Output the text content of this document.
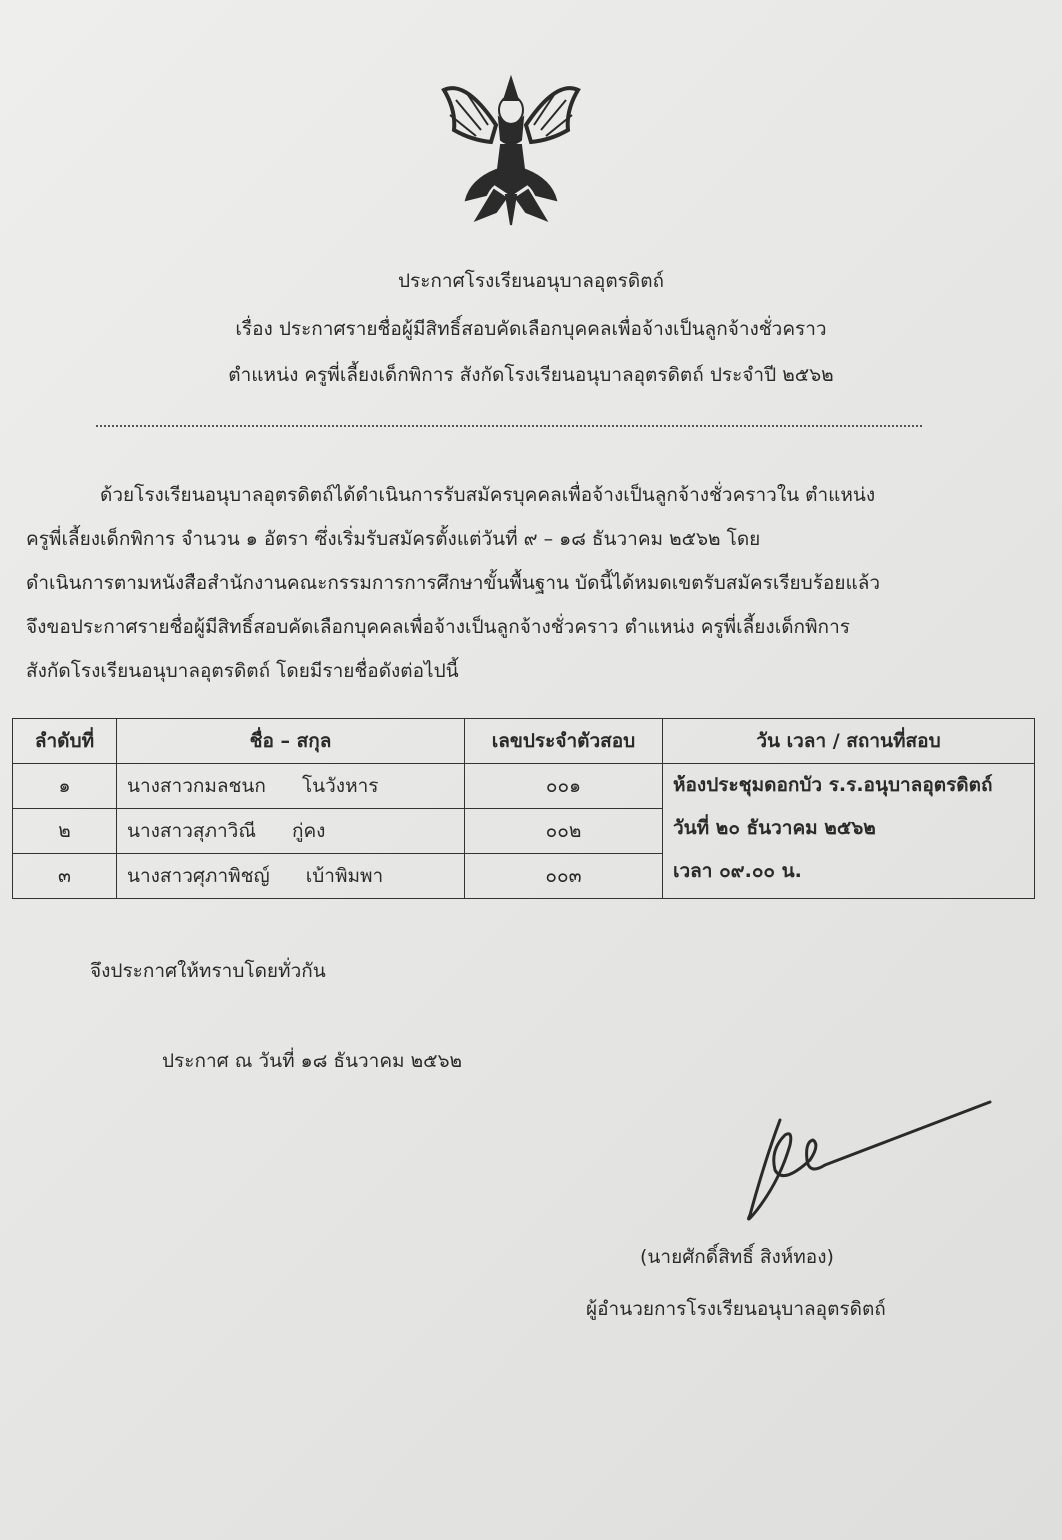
ประกาศโรงเรียนอนุบาลอุตรดิตถ์
เรื่อง ประกาศรายชื่อผู้มีสิทธิ์สอบคัดเลือกบุคคลเพื่อจ้างเป็นลูกจ้างชั่วคราว
ตำแหน่ง ครูพี่เลี้ยงเด็กพิการ สังกัดโรงเรียนอนุบาลอุตรดิตถ์ ประจำปี ๒๕๖๒
ด้วยโรงเรียนอนุบาลอุตรดิตถ์ได้ดำเนินการรับสมัครบุคคลเพื่อจ้างเป็นลูกจ้างชั่วคราวใน ตำแหน่ง
ครูพี่เลี้ยงเด็กพิการ จำนวน ๑ อัตรา ซึ่งเริ่มรับสมัครตั้งแต่วันที่ ๙ – ๑๘ ธันวาคม ๒๕๖๒ โดย
ดำเนินการตามหนังสือสำนักงานคณะกรรมการการศึกษาขั้นพื้นฐาน บัดนี้ได้หมดเขตรับสมัครเรียบร้อยแล้ว
จึงขอประกาศรายชื่อผู้มีสิทธิ์สอบคัดเลือกบุคคลเพื่อจ้างเป็นลูกจ้างชั่วคราว ตำแหน่ง ครูพี่เลี้ยงเด็กพิการ
สังกัดโรงเรียนอนุบาลอุตรดิตถ์ โดยมีรายชื่อดังต่อไปนี้
ลำดับที่	ชื่อ – สกุล	เลขประจำตัวสอบ	วัน เวลา / สถานที่สอบ
๑	นางสาวกมลชนก โนวังหาร	๐๐๑	ห้องประชุมดอกบัว ร.ร.อนุบาลอุตรดิตถ์
วันที่ ๒๐ ธันวาคม ๒๕๖๒
เวลา ๐๙.๐๐ น.

๒	นางสาวสุภาวิณี กู่คง	๐๐๒	
๓	นางสาวศุภาพิชญ์ เบ้าพิมพา	๐๐๓	
จึงประกาศให้ทราบโดยทั่วกัน
ประกาศ ณ วันที่ ๑๘ ธันวาคม ๒๕๖๒
(นายศักดิ์สิทธิ์ สิงห์ทอง)
ผู้อำนวยการโรงเรียนอนุบาลอุตรดิตถ์
